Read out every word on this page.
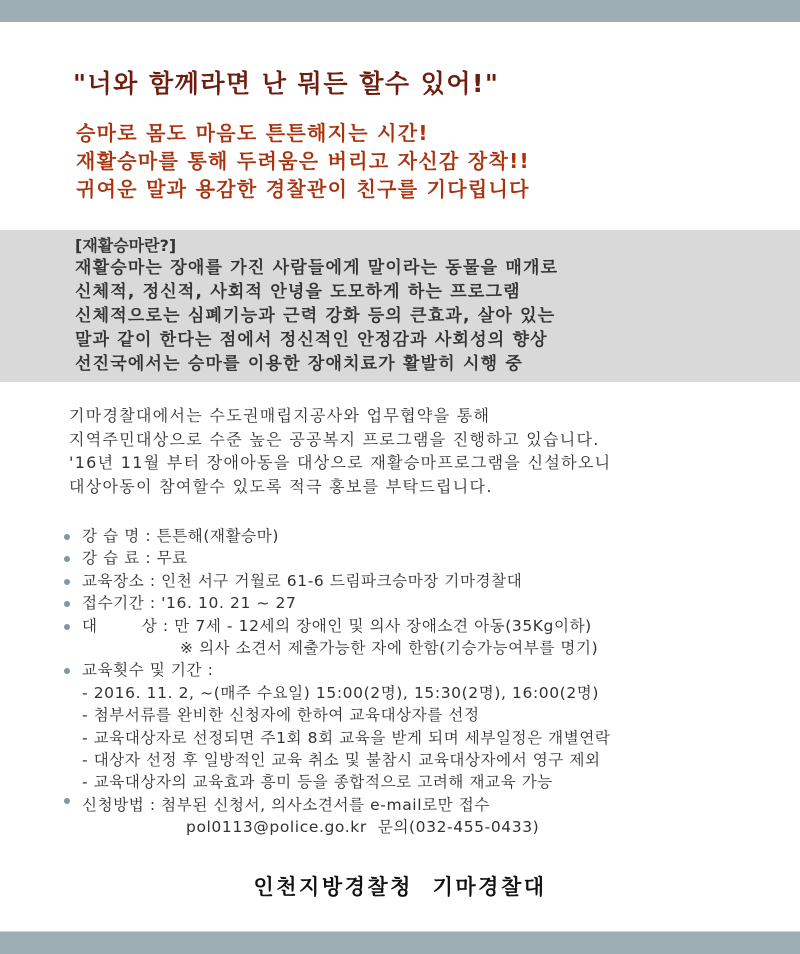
"너와 함께라면 난 뭐든 할수 있어!"
승마로 몸도 마음도 튼튼해지는 시간!
재활승마를 통해 두려움은 버리고 자신감 장착!!
귀여운 말과 용감한 경찰관이 친구를 기다립니다
[재활승마란?]
재활승마는 장애를 가진 사람들에게 말이라는 동물을 매개로
신체적, 정신적, 사회적 안녕을 도모하게 하는 프로그램
신체적으로는 심폐기능과 근력 강화 등의 큰효과, 살아 있는
말과 같이 한다는 점에서 정신적인 안정감과 사회성의 향상
선진국에서는 승마를 이용한 장애치료가 활발히 시행 중
기마경찰대에서는 수도권매립지공사와 업무협약을 통해
지역주민대상으로 수준 높은 공공복지 프로그램을 진행하고 있습니다.
'16년 11월 부터 장애아동을 대상으로 재활승마프로그램을 신설하오니
대상아동이 참여할수 있도록 적극 홍보를 부탁드립니다.
강 습 명 : 튼튼해(재활승마)
강 습 료 : 무료
교육장소 : 인천 서구 거월로 61-6 드림파크승마장 기마경찰대
접수기간 : '16. 10. 21 ~ 27
대        상 : 만 7세 - 12세의 장애인 및 의사 장애소견 아동(35Kg이하)
※ 의사 소견서 제출가능한 자에 한함(기승가능여부를 명기)
교육횟수 및 기간 :
- 2016. 11. 2, ~(매주 수요일) 15:00(2명), 15:30(2명), 16:00(2명)
- 첨부서류를 완비한 신청자에 한하여 교육대상자를 선정
- 교육대상자로 선정되면 주1회 8회 교육을 받게 되며 세부일정은 개별연락
- 대상자 선정 후 일방적인 교육 취소 및 불참시 교육대상자에서 영구 제외
- 교육대상자의 교육효과 흥미 등을 종합적으로 고려해 재교육 가능
신청방법 : 첨부된 신청서, 의사소견서를 e-mail로만 접수
pol0113@police.go.kr  문의(032-455-0433)
인천지방경찰청  기마경찰대
